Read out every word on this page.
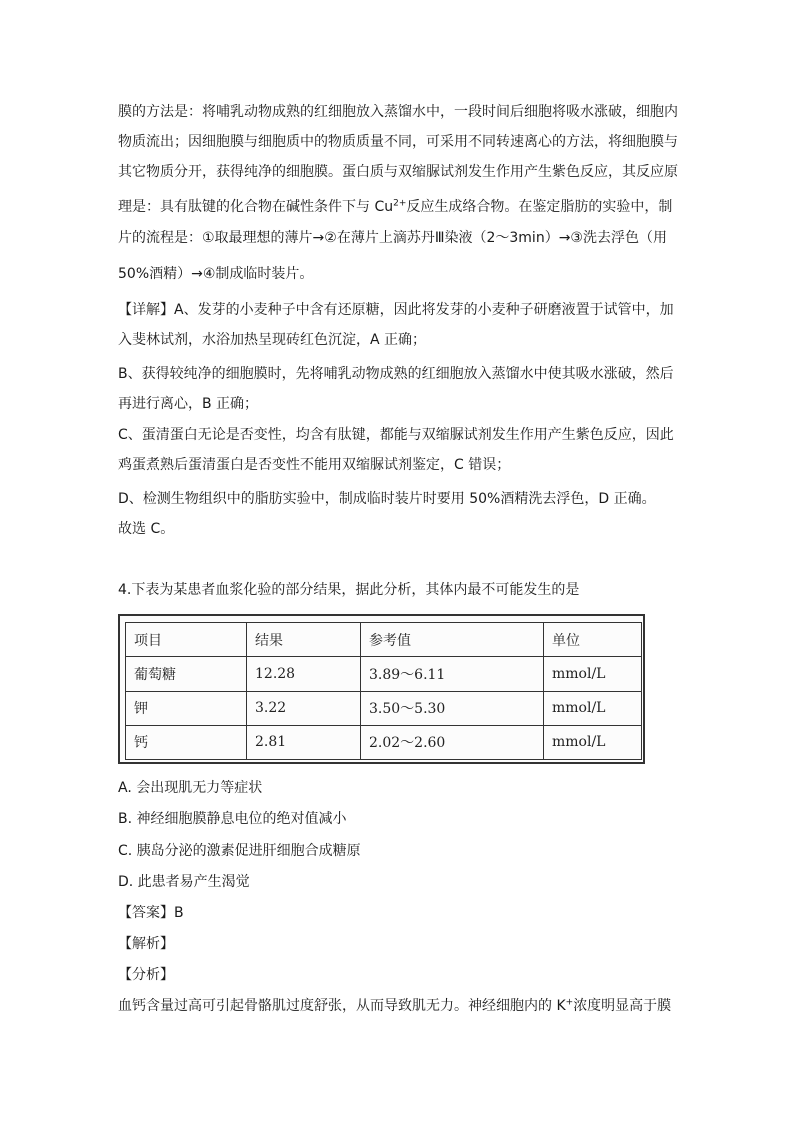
膜的方法是：将哺乳动物成熟的红细胞放入蒸馏水中，一段时间后细胞将吸水涨破，细胞内
物质流出；因细胞膜与细胞质中的物质质量不同，可采用不同转速离心的方法，将细胞膜与
其它物质分开，获得纯净的细胞膜。蛋白质与双缩脲试剂发生作用产生紫色反应，其反应原
理是：具有肽键的化合物在碱性条件下与 $Cu^{2+}$反应生成络合物。在鉴定脂肪的实验中，制
片的流程是：①取最理想的薄片→②在薄片上滴苏丹Ⅲ染液（2～3min）→③洗去浮色（用
50%酒精）→④制成临时装片。
【详解】A、发芽的小麦种子中含有还原糖，因此将发芽的小麦种子研磨液置于试管中，加
入斐林试剂，水浴加热呈现砖红色沉淀，A 正确；
B、获得较纯净的细胞膜时，先将哺乳动物成熟的红细胞放入蒸馏水中使其吸水涨破，然后
再进行离心，B 正确；
C、蛋清蛋白无论是否变性，均含有肽键，都能与双缩脲试剂发生作用产生紫色反应，因此
鸡蛋煮熟后蛋清蛋白是否变性不能用双缩脲试剂鉴定，C 错误；
D、检测生物组织中的脂肪实验中，制成临时装片时要用 50%酒精洗去浮色，D 正确。
故选 C。
4.下表为某患者血浆化验的部分结果，据此分析，其体内最不可能发生的是
项目	结果	参考值	单位
葡萄糖	12.28	3.89～6.11	mmol/L
钾	3.22	3.50～5.30	mmol/L
钙	2.81	2.02～2.60	mmol/L
A. 会出现肌无力等症状
B. 神经细胞膜静息电位的绝对值减小
C. 胰岛分泌的激素促进肝细胞合成糖原
D. 此患者易产生渴觉
【答案】B
【解析】
【分析】
血钙含量过高可引起骨骼肌过度舒张，从而导致肌无力。神经细胞内的 K+浓度明显高于膜
